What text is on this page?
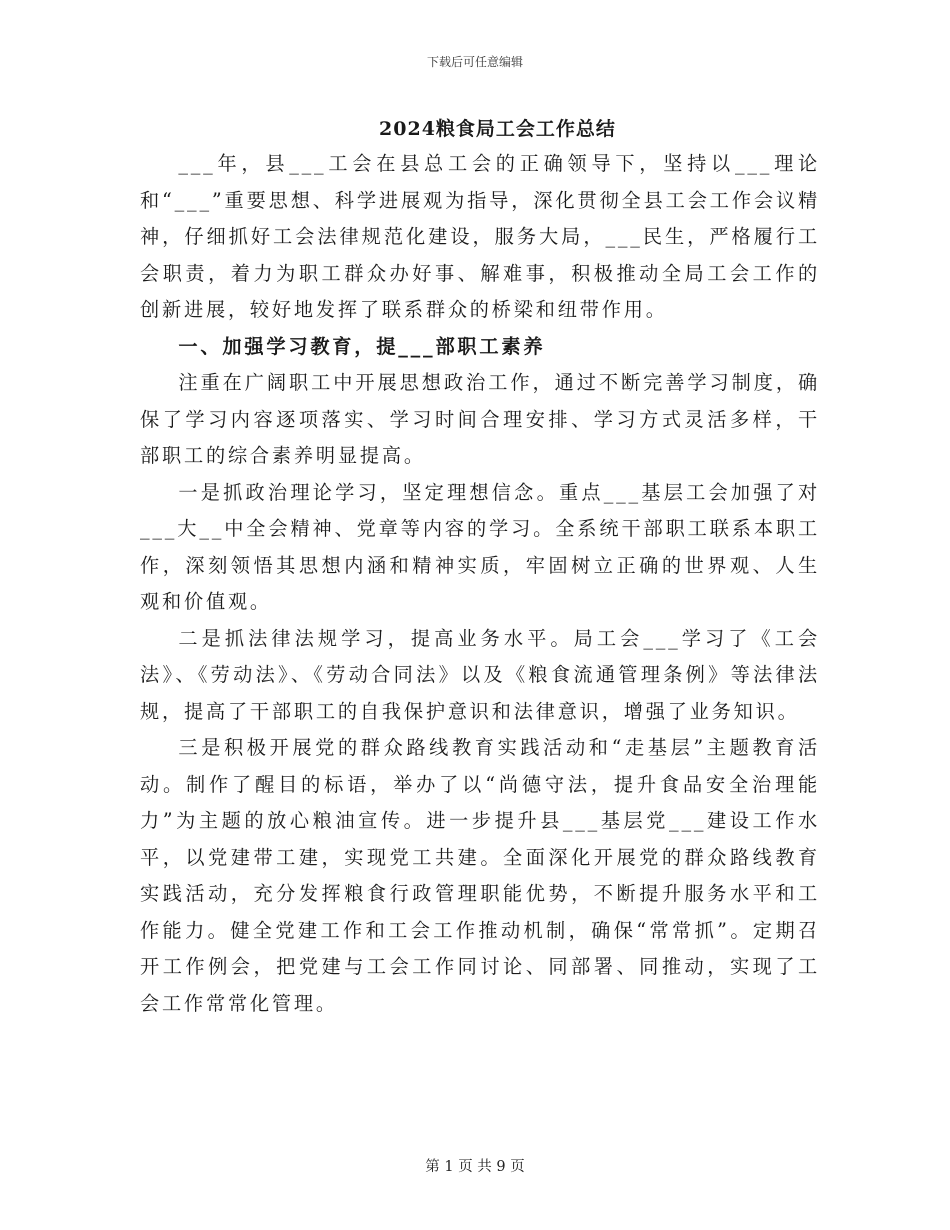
下载后可任意编辑
2024粮食局工会工作总结

___年，县___工会在县总工会的正确领导下，坚持以___理论和“___”重要思想、科学进展观为指导，深化贯彻全县工会工作会议精神，仔细抓好工会法律规范化建设，服务大局，___民生，严格履行工会职责，着力为职工群众办好事、解难事，积极推动全局工会工作的创新进展，较好地发挥了联系群众的桥梁和纽带作用。

一、加强学习教育，提___部职工素养

注重在广阔职工中开展思想政治工作，通过不断完善学习制度，确保了学习内容逐项落实、学习时间合理安排、学习方式灵活多样，干部职工的综合素养明显提高。

一是抓政治理论学习，坚定理想信念。重点___基层工会加强了对___大__中全会精神、党章等内容的学习。全系统干部职工联系本职工作，深刻领悟其思想内涵和精神实质，牢固树立正确的世界观、人生观和价值观。

二是抓法律法规学习，提高业务水平。局工会___学习了《工会法》、《劳动法》、《劳动合同法》以及《粮食流通管理条例》等法律法规，提高了干部职工的自我保护意识和法律意识，增强了业务知识。

三是积极开展党的群众路线教育实践活动和“走基层”主题教育活动。制作了醒目的标语，举办了以“尚德守法，提升食品安全治理能力”为主题的放心粮油宣传。进一步提升县___基层党___建设工作水平，以党建带工建，实现党工共建。全面深化开展党的群众路线教育实践活动，充分发挥粮食行政管理职能优势，不断提升服务水平和工作能力。健全党建工作和工会工作推动机制，确保“常常抓”。定期召开工作例会，把党建与工会工作同讨论、同部署、同推动，实现了工会工作常常化管理。

第 1 页 共 9 页
